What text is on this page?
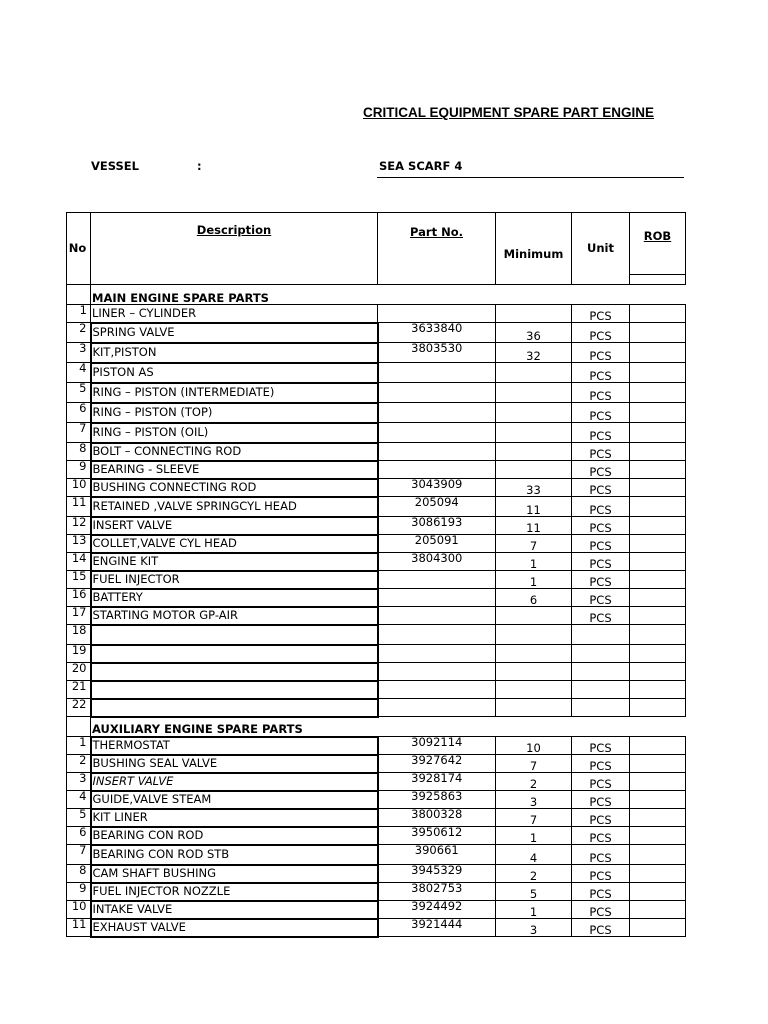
CRITICAL EQUIPMENT SPARE PART ENGINE
VESSEL	:	SEA SCARF 4
No	Description	Part No.	Minimum	Unit	ROB

	MAIN ENGINE SPARE PARTS				
1	LINER – CYLINDER			PCS	
2	SPRING VALVE	3633840	36	PCS	
3	KIT,PISTON	3803530	32	PCS	
4	PISTON AS			PCS	
5	RING – PISTON (INTERMEDIATE)			PCS	
6	RING – PISTON (TOP)			PCS	
7	RING – PISTON (OIL)			PCS	
8	BOLT – CONNECTING ROD			PCS	
9	BEARING - SLEEVE			PCS	
10	BUSHING CONNECTING ROD	3043909	33	PCS	
11	RETAINED ,VALVE SPRINGCYL HEAD	205094	11	PCS	
12	INSERT VALVE	3086193	11	PCS	
13	COLLET,VALVE CYL HEAD	205091	7	PCS	
14	ENGINE KIT	3804300	1	PCS	
15	FUEL INJECTOR		1	PCS	
16	BATTERY		6	PCS	
17	STARTING MOTOR GP-AIR			PCS	
18					
19					
20					
21					
22					
	AUXILIARY ENGINE SPARE PARTS				
1	THERMOSTAT	3092114	10	PCS	
2	BUSHING SEAL VALVE	3927642	7	PCS	
3	INSERT VALVE	3928174	2	PCS	
4	GUIDE,VALVE STEAM	3925863	3	PCS	
5	KIT LINER	3800328	7	PCS	
6	BEARING CON ROD	3950612	1	PCS	
7	BEARING CON ROD STB	390661	4	PCS	
8	CAM SHAFT BUSHING	3945329	2	PCS	
9	FUEL INJECTOR NOZZLE	3802753	5	PCS	
10	INTAKE VALVE	3924492	1	PCS	
11	EXHAUST VALVE	3921444	3	PCS	
